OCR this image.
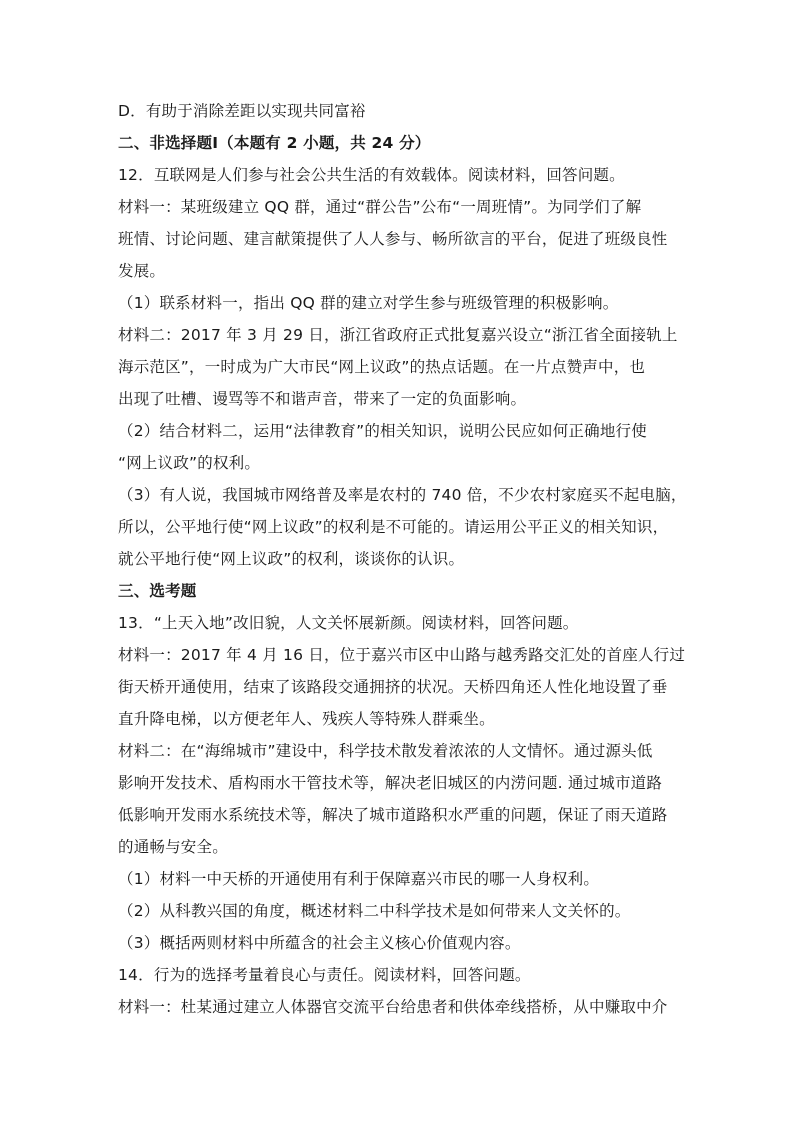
D．有助于消除差距以实现共同富裕
二、非选择题Ⅰ（本题有 2 小题，共 24 分）
12．互联网是人们参与社会公共生活的有效载体。阅读材料，回答问题。
材料一：某班级建立 QQ 群，通过“群公告”公布“一周班情”。为同学们了解
班情、讨论问题、建言献策提供了人人参与、畅所欲言的平台，促进了班级良性
发展。
（1）联系材料一，指出 QQ 群的建立对学生参与班级管理的积极影响。
材料二：2017 年 3 月 29 日，浙江省政府正式批复嘉兴设立“浙江省全面接轨上
海示范区”，一时成为广大市民“网上议政”的热点话题。在一片点赞声中，也
出现了吐槽、谩骂等不和谐声音，带来了一定的负面影响。
（2）结合材料二，运用“法律教育”的相关知识，说明公民应如何正确地行使
“网上议政”的权利。
（3）有人说，我国城市网络普及率是农村的 740 倍，不少农村家庭买不起电脑，
所以，公平地行使“网上议政”的权利是不可能的。请运用公平正义的相关知识，
就公平地行使“网上议政”的权利，谈谈你的认识。
三、选考题
13．“上天入地”改旧貌，人文关怀展新颜。阅读材料，回答问题。
材料一：2017 年 4 月 16 日，位于嘉兴市区中山路与越秀路交汇处的首座人行过
街天桥开通使用，结束了该路段交通拥挤的状况。天桥四角还人性化地设置了垂
直升降电梯，以方便老年人、残疾人等特殊人群乘坐。
材料二：在“海绵城市”建设中，科学技术散发着浓浓的人文情怀。通过源头低
影响开发技术、盾构雨水干管技术等，解决老旧城区的内涝问题. 通过城市道路
低影响开发雨水系统技术等，解决了城市道路积水严重的问题，保证了雨天道路
的通畅与安全。
（1）材料一中天桥的开通使用有利于保障嘉兴市民的哪一人身权利。
（2）从科教兴国的角度，概述材料二中科学技术是如何带来人文关怀的。
（3）概括两则材料中所蕴含的社会主义核心价值观内容。
14．行为的选择考量着良心与责任。阅读材料，回答问题。
材料一：杜某通过建立人体器官交流平台给患者和供体牵线搭桥，从中赚取中介
